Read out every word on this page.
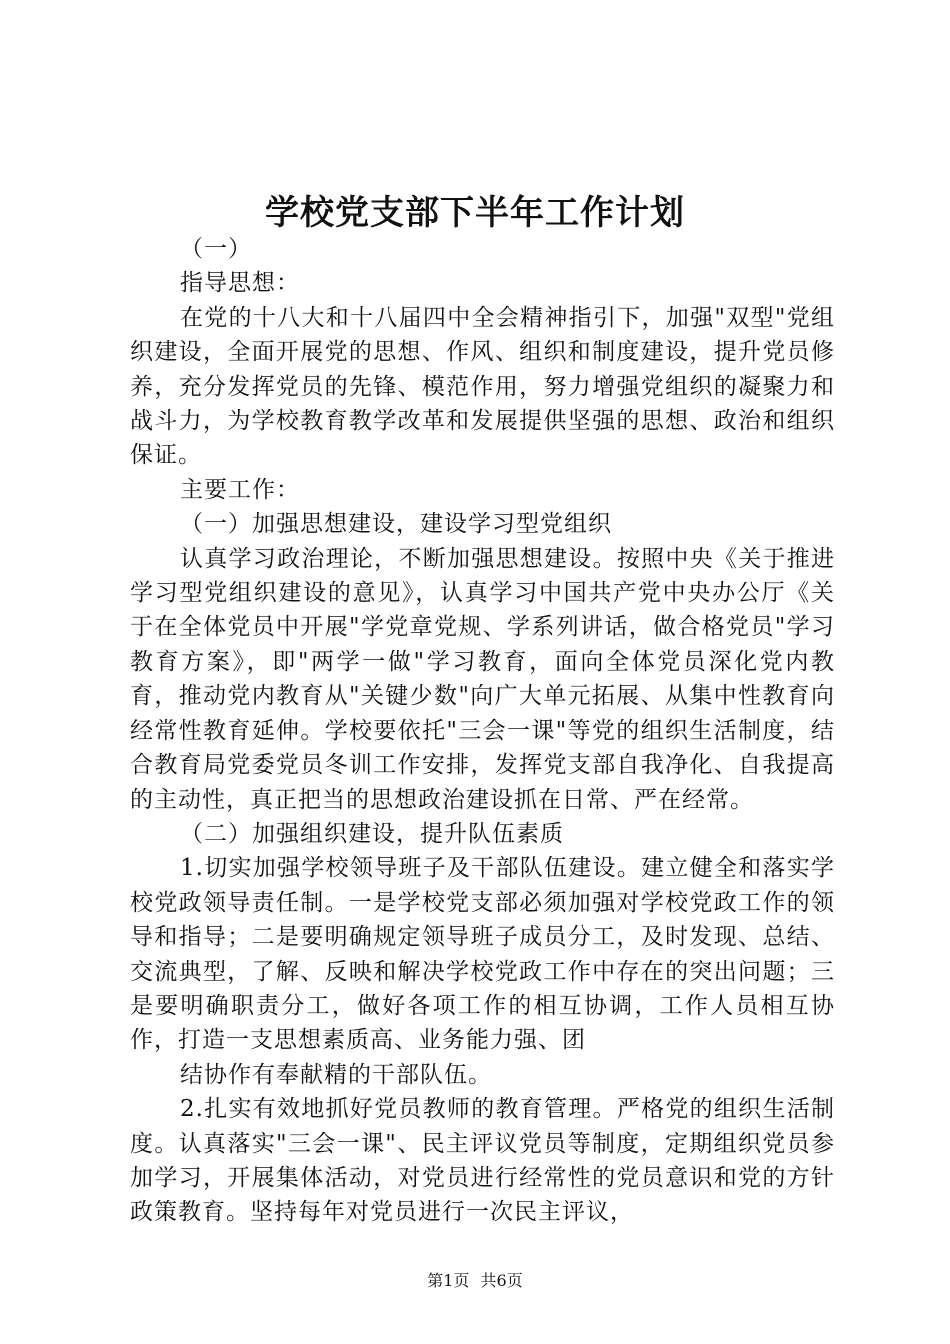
学校党支部下半年工作计划

（一）

指导思想：

在党的十八大和十八届四中全会精神指引下，加强"双型"党组织建设，全面开展党的思想、作风、组织和制度建设，提升党员修养，充分发挥党员的先锋、模范作用，努力增强党组织的凝聚力和战斗力，为学校教育教学改革和发展提供坚强的思想、政治和组织保证。

主要工作：

（一）加强思想建设，建设学习型党组织

认真学习政治理论，不断加强思想建设。按照中央《关于推进学习型党组织建设的意见》，认真学习中国共产党中央办公厅《关于在全体党员中开展"学党章党规、学系列讲话，做合格党员"学习教育方案》，即"两学一做"学习教育，面向全体党员深化党内教育，推动党内教育从"关键少数"向广大单元拓展、从集中性教育向经常性教育延伸。学校要依托"三会一课"等党的组织生活制度，结合教育局党委党员冬训工作安排，发挥党支部自我净化、自我提高的主动性，真正把当的思想政治建设抓在日常、严在经常。

（二）加强组织建设，提升队伍素质

1.切实加强学校领导班子及干部队伍建设。建立健全和落实学校党政领导责任制。一是学校党支部必须加强对学校党政工作的领导和指导；二是要明确规定领导班子成员分工，及时发现、总结、交流典型，了解、反映和解决学校党政工作中存在的突出问题；三是要明确职责分工，做好各项工作的相互协调，工作人员相互协作，打造一支思想素质高、业务能力强、团

结协作有奉献精的干部队伍。

2.扎实有效地抓好党员教师的教育管理。严格党的组织生活制度。认真落实"三会一课"、民主评议党员等制度，定期组织党员参加学习，开展集体活动，对党员进行经常性的党员意识和党的方针政策教育。坚持每年对党员进行一次民主评议，

第1页 共6页
